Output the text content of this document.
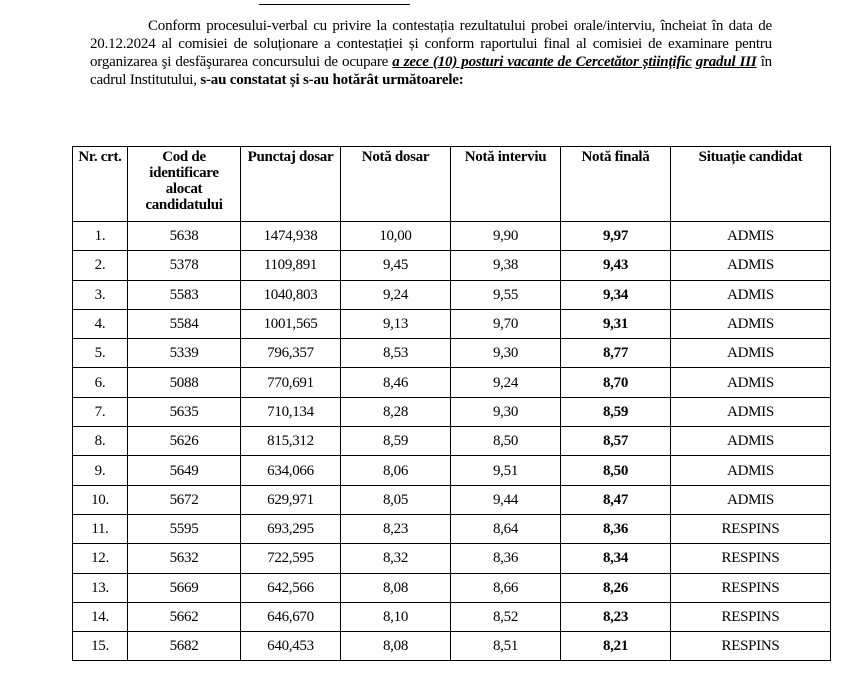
Conform procesului-verbal cu privire la contestația rezultatului probei orale/interviu, încheiat în data de 20.12.2024 al comisiei de soluționare a contestației și conform raportului final al comisiei de examinare pentru organizarea şi desfăşurarea concursului de ocupare a zece (10) posturi vacante de Cercetător științific gradul III în cadrul Institutului, s-au constatat și s-au hotărât următoarele:
Nr. crt.	Cod de identificare alocat candidatului	Punctaj dosar	Notă dosar	Notă interviu	Notă finală	Situație candidat
1.	5638	1474,938	10,00	9,90	9,97	ADMIS
2.	5378	1109,891	9,45	9,38	9,43	ADMIS
3.	5583	1040,803	9,24	9,55	9,34	ADMIS
4.	5584	1001,565	9,13	9,70	9,31	ADMIS
5.	5339	796,357	8,53	9,30	8,77	ADMIS
6.	5088	770,691	8,46	9,24	8,70	ADMIS
7.	5635	710,134	8,28	9,30	8,59	ADMIS
8.	5626	815,312	8,59	8,50	8,57	ADMIS
9.	5649	634,066	8,06	9,51	8,50	ADMIS
10.	5672	629,971	8,05	9,44	8,47	ADMIS
11.	5595	693,295	8,23	8,64	8,36	RESPINS
12.	5632	722,595	8,32	8,36	8,34	RESPINS
13.	5669	642,566	8,08	8,66	8,26	RESPINS
14.	5662	646,670	8,10	8,52	8,23	RESPINS
15.	5682	640,453	8,08	8,51	8,21	RESPINS
